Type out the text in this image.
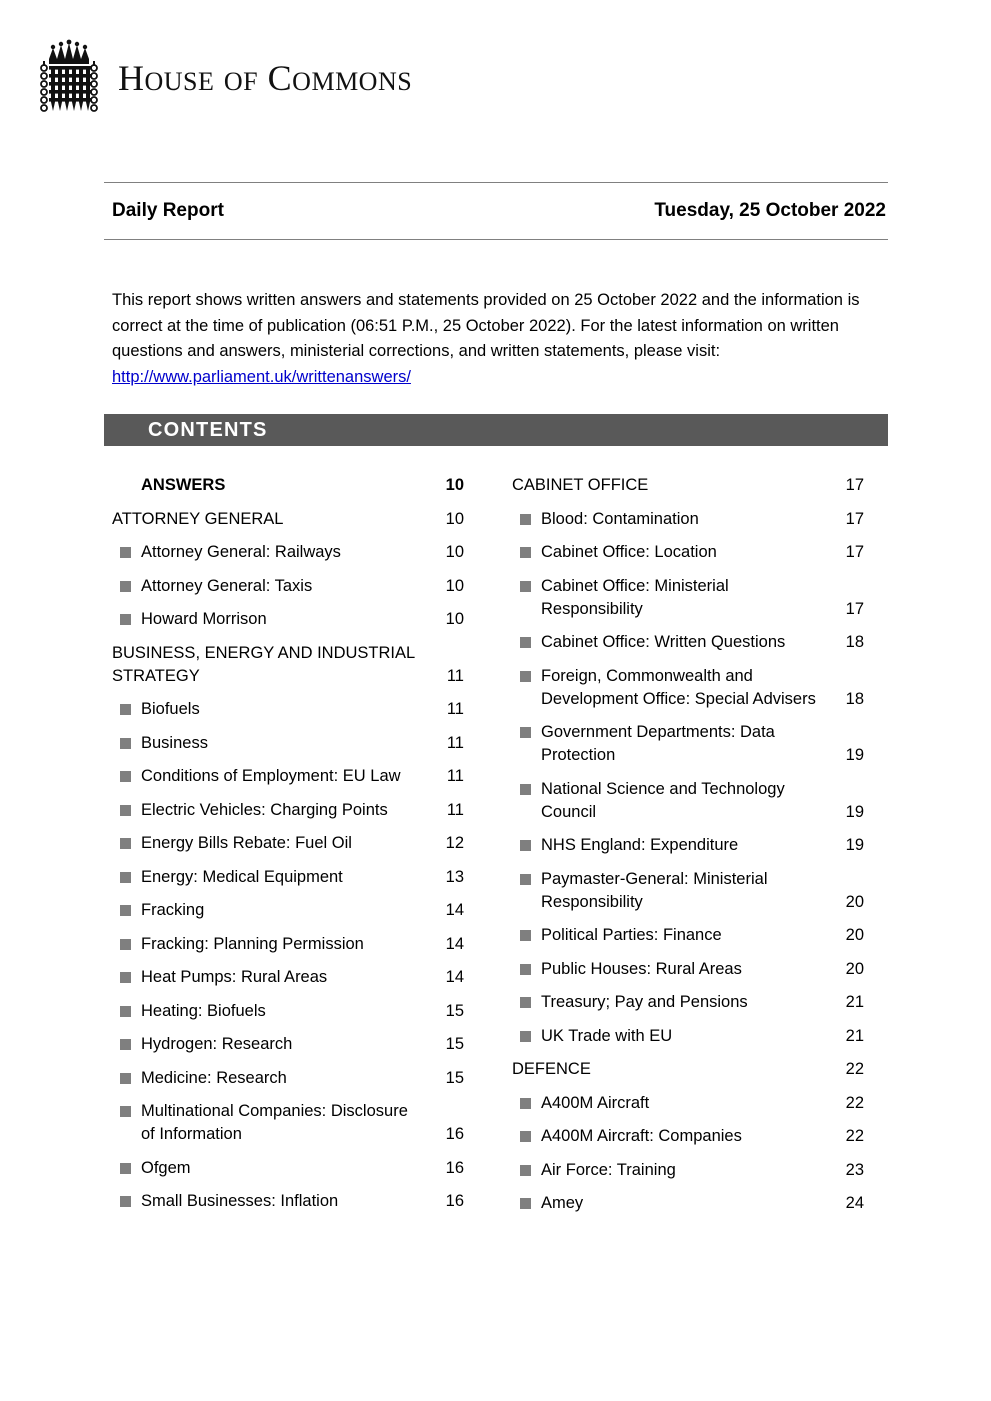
HOUSE OF COMMONS
Daily Report	Tuesday, 25 October 2022

This report shows written answers and statements provided on 25 October 2022 and the information is correct at the time of publication (06:51 P.M., 25 October 2022). For the latest information on written questions and answers, ministerial corrections, and written statements, please visit: http://www.parliament.uk/writtenanswers/

CONTENTS
ANSWERS	10
ATTORNEY GENERAL	10
Attorney General: Railways	10
Attorney General: Taxis	10
Howard Morrison	10
BUSINESS, ENERGY AND INDUSTRIAL STRATEGY	11
Biofuels	11
Business	11
Conditions of Employment: EU Law	11
Electric Vehicles: Charging Points	11
Energy Bills Rebate: Fuel Oil	12
Energy: Medical Equipment	13
Fracking	14
Fracking: Planning Permission	14
Heat Pumps: Rural Areas	14
Heating: Biofuels	15
Hydrogen: Research	15
Medicine: Research	15
Multinational Companies: Disclosure of Information	16
Ofgem	16
Small Businesses: Inflation	16
CABINET OFFICE	17
Blood: Contamination	17
Cabinet Office: Location	17
Cabinet Office: Ministerial Responsibility	17
Cabinet Office: Written Questions	18
Foreign, Commonwealth and Development Office: Special Advisers	18
Government Departments: Data Protection	19
National Science and Technology Council	19
NHS England: Expenditure	19
Paymaster-General: Ministerial Responsibility	20
Political Parties: Finance	20
Public Houses: Rural Areas	20
Treasury; Pay and Pensions	21
UK Trade with EU	21
DEFENCE	22
A400M Aircraft	22
A400M Aircraft: Companies	22
Air Force: Training	23
Amey	24
